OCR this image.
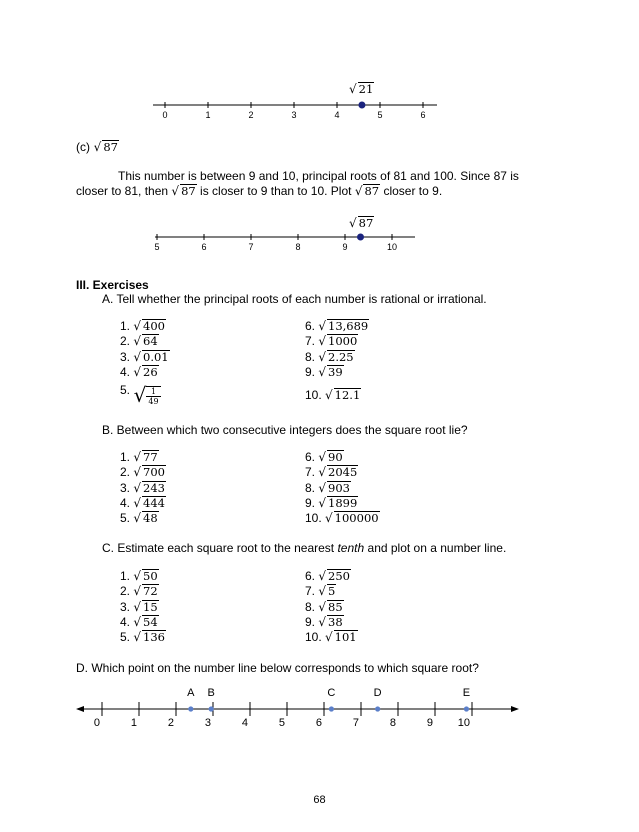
0	1	2	3	4	5	6
√ 21
(c) √ 87
This number is between 9 and 10, principal roots of 81 and 100. Since 87 is
closer to 81, then √ 87 is closer to 9 than to 10. Plot √ 87 closer to 9.
5	6	7	8	9	10
√ 87
III. Exercises
A. Tell whether the principal roots of each number is rational or irrational.
1. √ 400
2. √ 64
3. √ 0.01
4. √ 26
6. √ 13,689
7. √ 1000
8. √ 2.25
9. √ 39
10. √ 12.1
5. √ $\frac{1}{49}$
B. Between which two consecutive integers does the square root lie?
1. √ 77
2. √ 700
3. √ 243
4. √ 444
5. √ 48
6. √ 90
7. √ 2045
8. √ 903
9. √ 1899
10. √ 100000
C. Estimate each square root to the nearest tenth and plot on a number line.
1. √ 50
2. √ 72
3. √ 15
4. √ 54
5. √ 136
6. √ 250
7. √ 5
8. √ 85
9. √ 38
10. √ 101
D. Which point on the number line below corresponds to which square root?
0	1	2	3	4	5	6	7	8	9 10
A B	C	D	E
68
